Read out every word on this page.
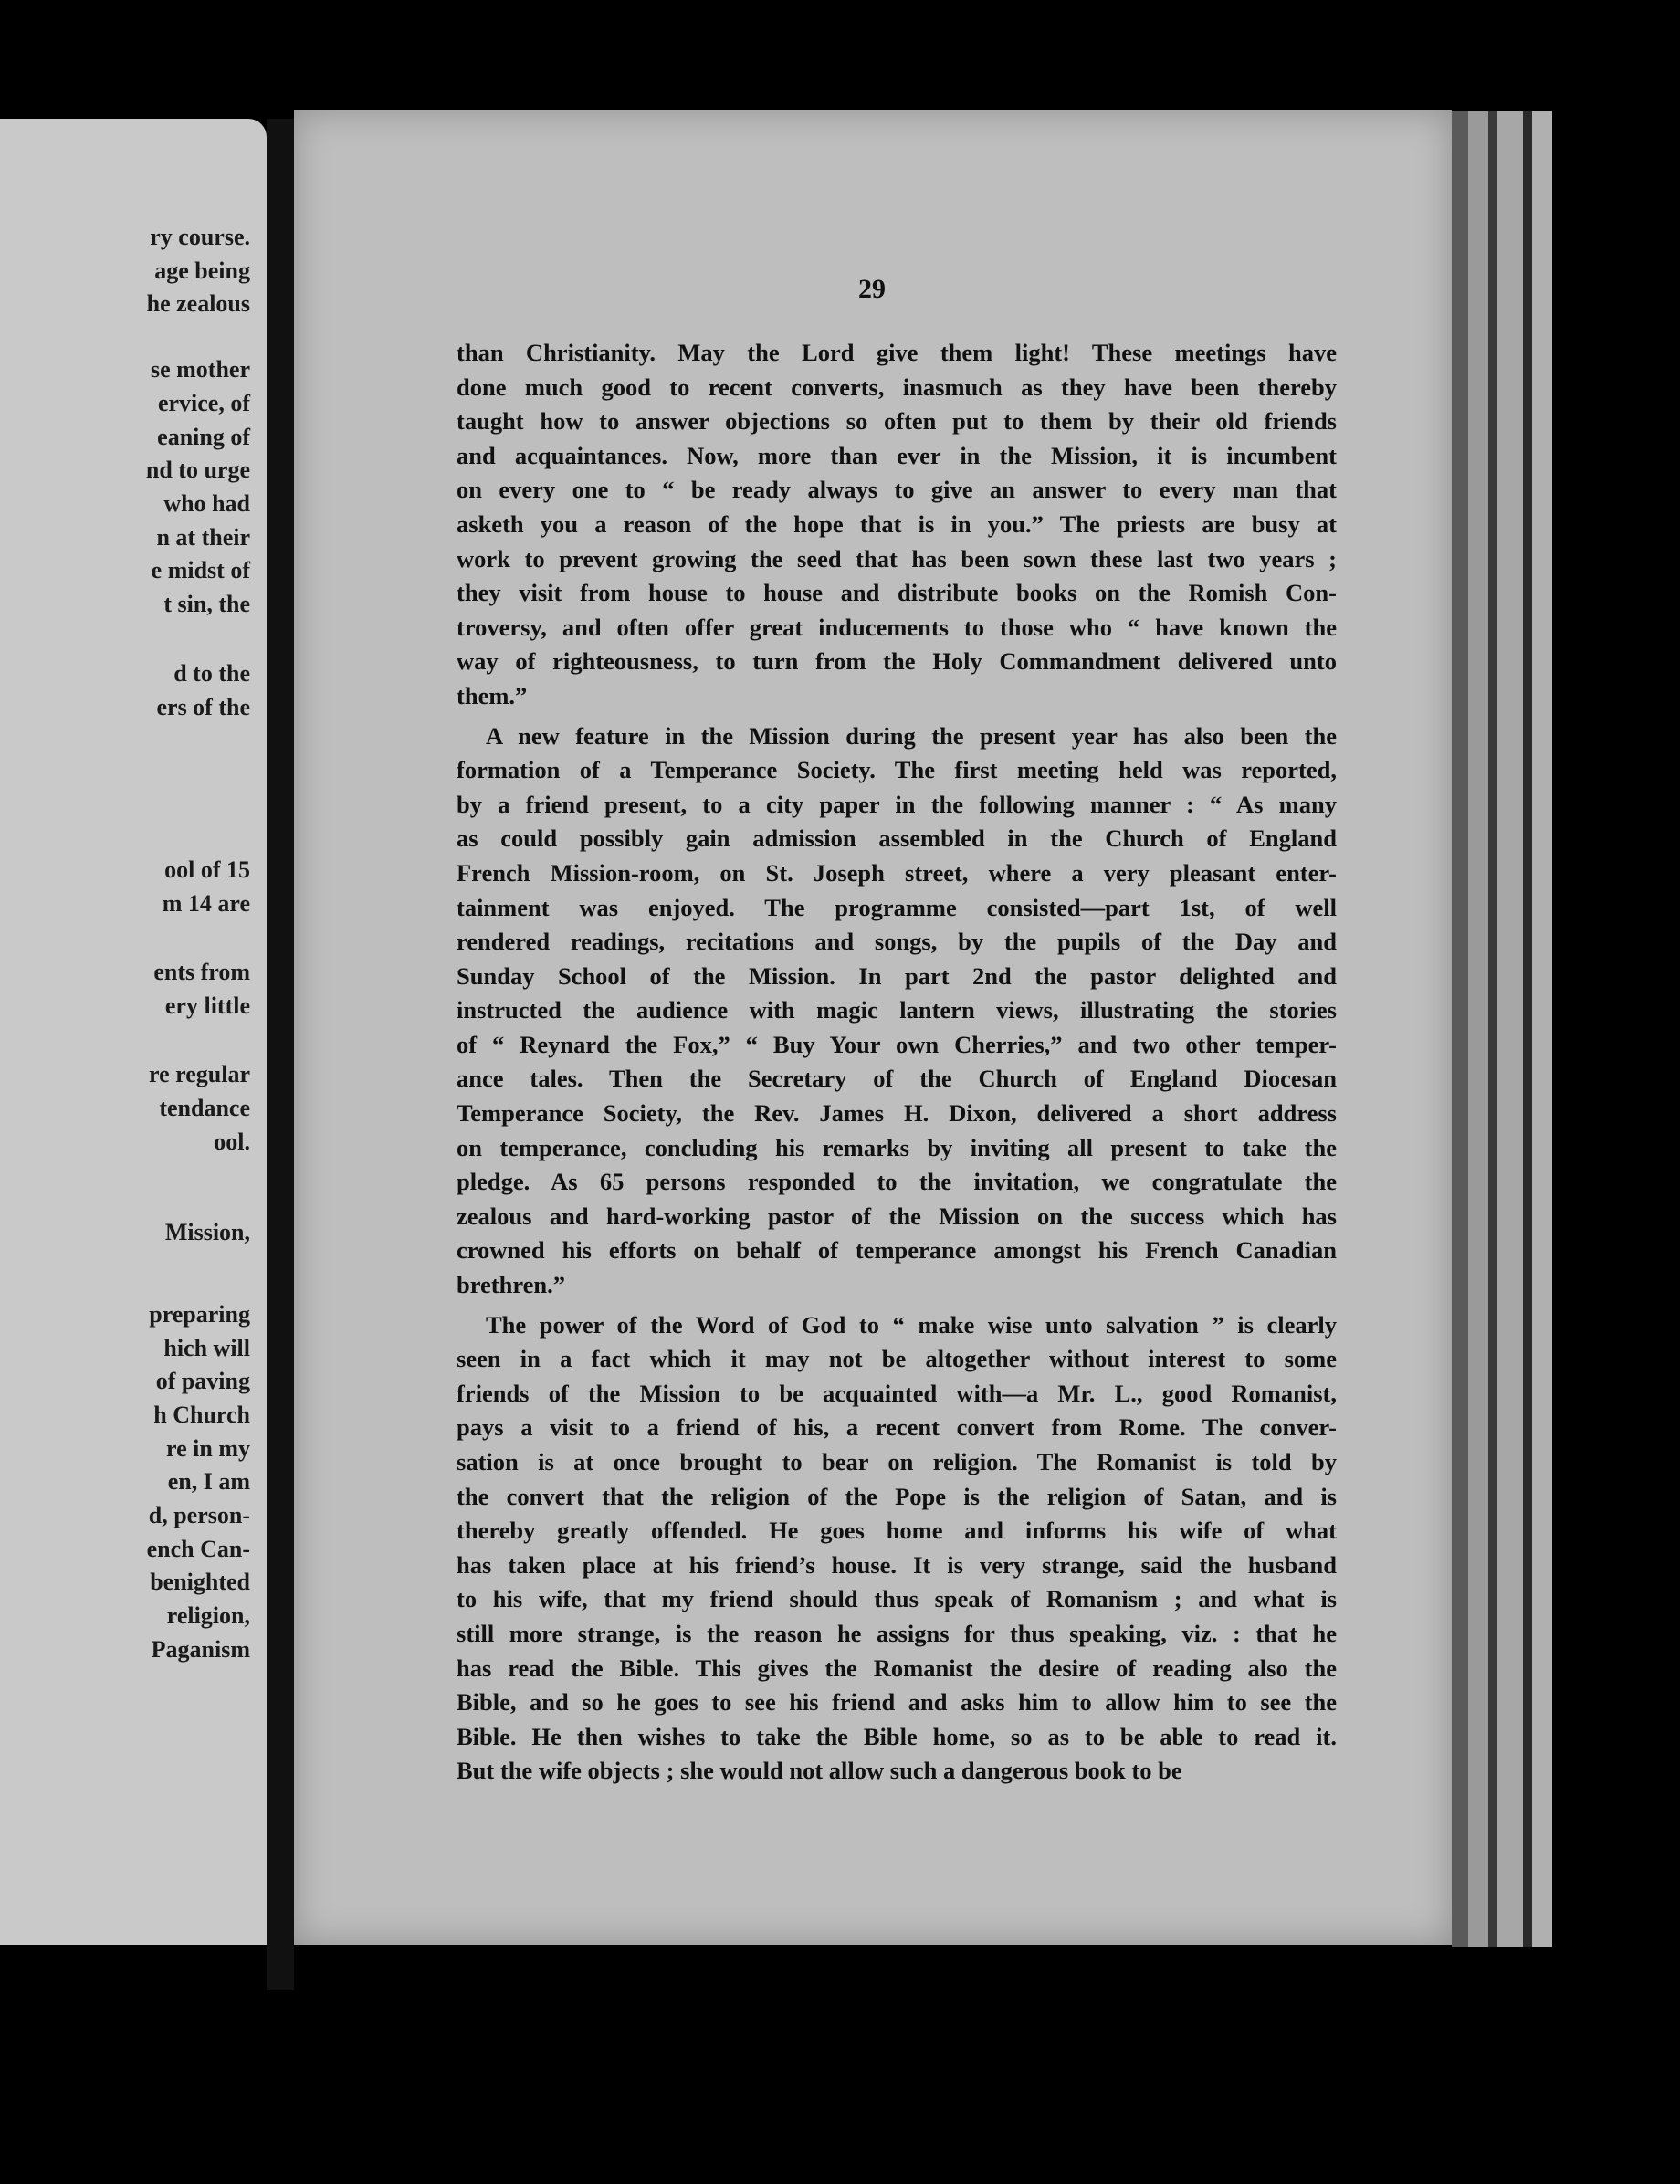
ry course.
age being
he zealous
se mother
ervice, of
eaning of
nd to urge
who had
n at their
e midst of
t sin, the
d to the
ers of the
ool of 15
m 14 are
ents from
ery little
re regular
tendance
ool.
Mission,
preparing
hich will
of paving
h Church
re in my
en, I am
d, person-
ench Can-
benighted
religion,
Paganism
29
than Christianity. May the Lord give them light! These meetings have
done much good to recent converts, inasmuch as they have been thereby
taught how to answer objections so often put to them by their old friends
and acquaintances. Now, more than ever in the Mission, it is incumbent
on every one to “ be ready always to give an answer to every man that
asketh you a reason of the hope that is in you.” The priests are busy at
work to prevent growing the seed that has been sown these last two years ;
they visit from house to house and distribute books on the Romish Con-
troversy, and often offer great inducements to those who “ have known the
way of righteousness, to turn from the Holy Commandment delivered unto
them.”
A new feature in the Mission during the present year has also been the
formation of a Temperance Society. The first meeting held was reported,
by a friend present, to a city paper in the following manner : “ As many
as could possibly gain admission assembled in the Church of England
French Mission-room, on St. Joseph street, where a very pleasant enter-
tainment was enjoyed. The programme consisted—part 1st, of well
rendered readings, recitations and songs, by the pupils of the Day and
Sunday School of the Mission. In part 2nd the pastor delighted and
instructed the audience with magic lantern views, illustrating the stories
of “ Reynard the Fox,” “ Buy Your own Cherries,” and two other temper-
ance tales. Then the Secretary of the Church of England Diocesan
Temperance Society, the Rev. James H. Dixon, delivered a short address
on temperance, concluding his remarks by inviting all present to take the
pledge. As 65 persons responded to the invitation, we congratulate the
zealous and hard-working pastor of the Mission on the success which has
crowned his efforts on behalf of temperance amongst his French Canadian
brethren.”
The power of the Word of God to “ make wise unto salvation ” is clearly
seen in a fact which it may not be altogether without interest to some
friends of the Mission to be acquainted with—a Mr. L., good Romanist,
pays a visit to a friend of his, a recent convert from Rome. The conver-
sation is at once brought to bear on religion. The Romanist is told by
the convert that the religion of the Pope is the religion of Satan, and is
thereby greatly offended. He goes home and informs his wife of what
has taken place at his friend’s house. It is very strange, said the husband
to his wife, that my friend should thus speak of Romanism ; and what is
still more strange, is the reason he assigns for thus speaking, viz. : that he
has read the Bible. This gives the Romanist the desire of reading also the
Bible, and so he goes to see his friend and asks him to allow him to see the
Bible. He then wishes to take the Bible home, so as to be able to read it.
But the wife objects ; she would not allow such a dangerous book to be
